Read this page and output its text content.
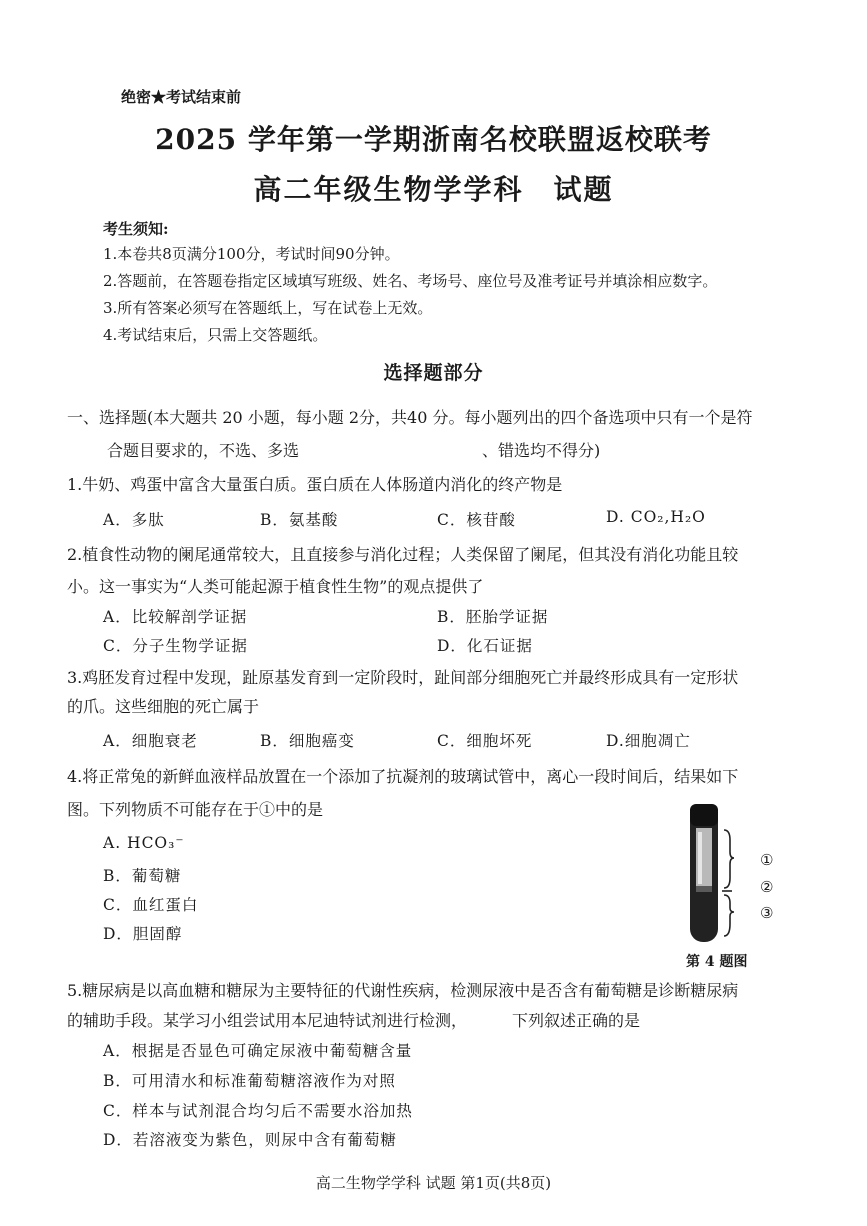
绝密★考试结束前
2025 学年第一学期浙南名校联盟返校联考
高二年级生物学学科　试题
考生须知:
1.本卷共8页满分100分，考试时间90分钟。
2.答题前，在答题卷指定区域填写班级、姓名、考场号、座位号及准考证号并填涂相应数字。
3.所有答案必须写在答题纸上，写在试卷上无效。
4.考试结束后，只需上交答题纸。
选择题部分
一、选择题(本大题共 20 小题，每小题 2分，共40 分。每小题列出的四个备选项中只有一个是符
合题目要求的，不选、多选	、错选均不得分)
1.牛奶、鸡蛋中富含大量蛋白质。蛋白质在人体肠道内消化的终产物是
A．多肽	B．氨基酸	C．核苷酸	D. CO₂,H₂O
2.植食性动物的阑尾通常较大，且直接参与消化过程；人类保留了阑尾，但其没有消化功能且较
小。这一事实为“人类可能起源于植食性生物”的观点提供了
A．比较解剖学证据	B．胚胎学证据
C．分子生物学证据	D．化石证据
3.鸡胚发育过程中发现，趾原基发育到一定阶段时，趾间部分细胞死亡并最终形成具有一定形状
的爪。这些细胞的死亡属于
A．细胞衰老	B．细胞癌变	C．细胞坏死	D.细胞凋亡
4.将正常兔的新鲜血液样品放置在一个添加了抗凝剂的玻璃试管中，离心一段时间后，结果如下
图。下列物质不可能存在于①中的是
A. HCO₃⁻
B．葡萄糖
C．血红蛋白
D．胆固醇
①
②
③
第 4 题图
5.糖尿病是以高血糖和糖尿为主要特征的代谢性疾病，检测尿液中是否含有葡萄糖是诊断糖尿病
的辅助手段。某学习小组尝试用本尼迪特试剂进行检测，	下列叙述正确的是
A．根据是否显色可确定尿液中葡萄糖含量
B．可用清水和标准葡萄糖溶液作为对照
C．样本与试剂混合均匀后不需要水浴加热
D．若溶液变为紫色，则尿中含有葡萄糖
高二生物学学科 试题 第1页(共8页)
